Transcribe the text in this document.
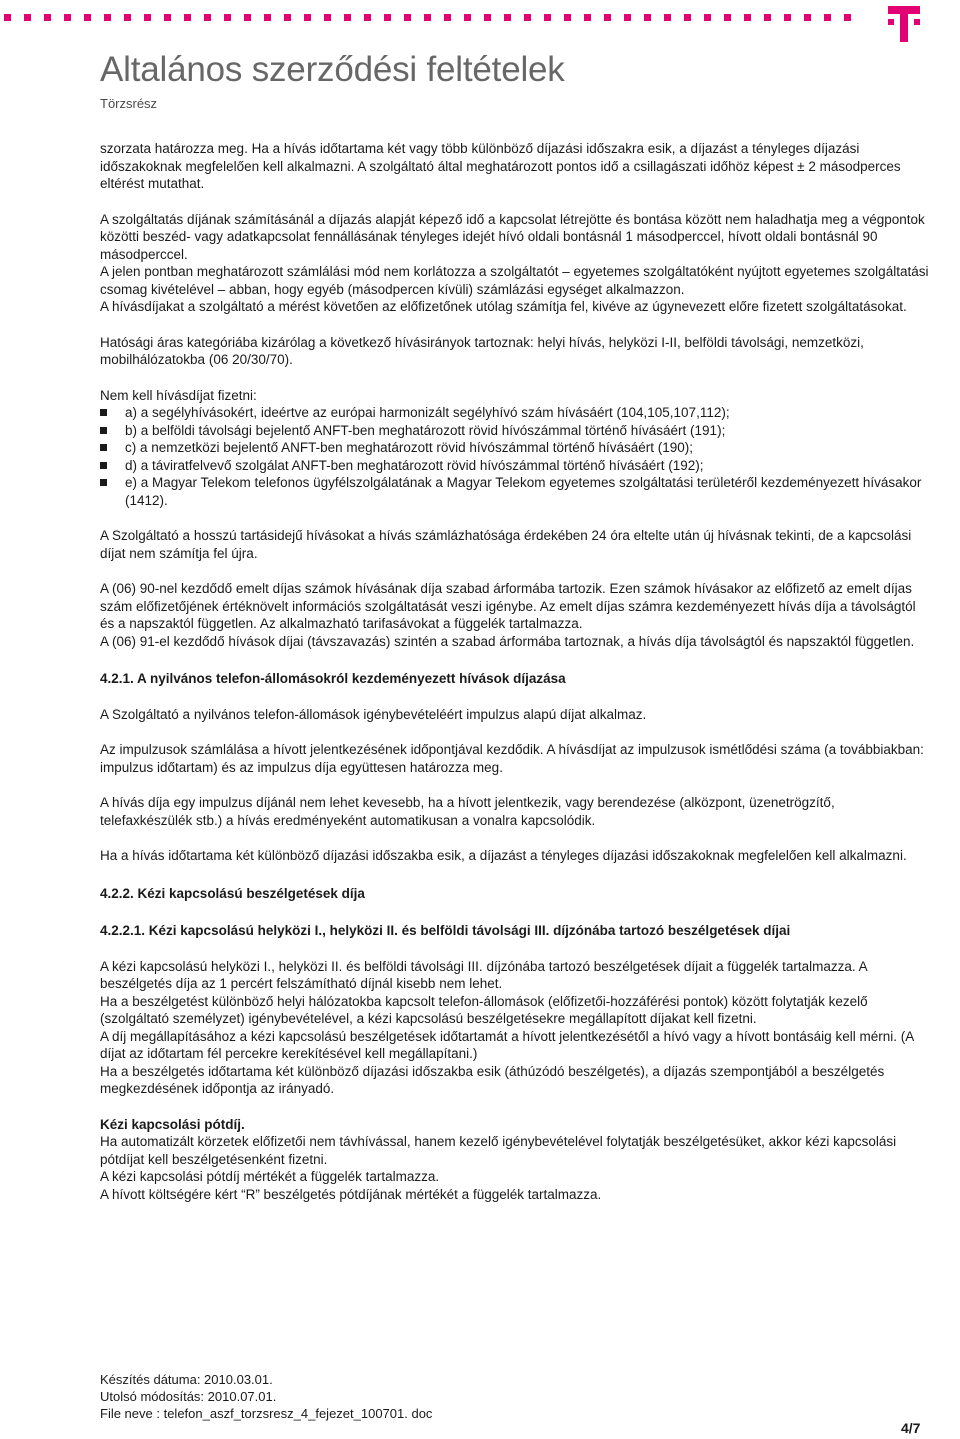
Altalános szerződési feltételek
Törzsrész

szorzata határozza meg. Ha a hívás időtartama két vagy több különböző díjazási időszakra esik, a díjazást a tényleges díjazási időszakoknak megfelelően kell alkalmazni. A szolgáltató által meghatározott pontos idő a csillagászati időhöz képest ± 2 másodperces eltérést mutathat.

A szolgáltatás díjának számításánál a díjazás alapját képező idő a kapcsolat létrejötte és bontása között nem haladhatja meg a végpontok közötti beszéd- vagy adatkapcsolat fennállásának tényleges idejét hívó oldali bontásnál 1 másodperccel, hívott oldali bontásnál 90 másodperccel.

A jelen pontban meghatározott számlálási mód nem korlátozza a szolgáltatót – egyetemes szolgáltatóként nyújtott egyetemes szolgáltatási csomag kivételével – abban, hogy egyéb (másodpercen kívüli) számlázási egységet alkalmazzon.

A hívásdíjakat a szolgáltató a mérést követően az előfizetőnek utólag számítja fel, kivéve az úgynevezett előre fizetett szolgáltatásokat.

Hatósági áras kategóriába kizárólag a következő hívásirányok tartoznak: helyi hívás, helyközi I-II, belföldi távolsági, nemzetközi, mobilhálózatokba (06 20/30/70).

Nem kell hívásdíjat fizetni:

a) a segélyhívásokért, ideértve az európai harmonizált segélyhívó szám hívásáért (104,105,107,112);
b) a belföldi távolsági bejelentő ANFT-ben meghatározott rövid hívószámmal történő hívásáért (191);
c) a nemzetközi bejelentő ANFT-ben meghatározott rövid hívószámmal történő hívásáért (190);
d) a táviratfelvevő szolgálat ANFT-ben meghatározott rövid hívószámmal történő hívásáért (192);
e) a Magyar Telekom telefonos ügyfélszolgálatának a Magyar Telekom egyetemes szolgáltatási területéről kezdeményezett hívásakor (1412).

A Szolgáltató a hosszú tartásidejű hívásokat a hívás számlázhatósága érdekében 24 óra eltelte után új hívásnak tekinti, de a kapcsolási díjat nem számítja fel újra.

A (06) 90-nel kezdődő emelt díjas számok hívásának díja szabad árformába tartozik. Ezen számok hívásakor az előfizető az emelt díjas szám előfizetőjének értéknövelt információs szolgáltatását veszi igénybe. Az emelt díjas számra kezdeményezett hívás díja a távolságtól és a napszaktól független. Az alkalmazható tarifasávokat a függelék tartalmazza.

A (06) 91-el kezdődő hívások díjai (távszavazás) szintén a szabad árformába tartoznak, a hívás díja távolságtól és napszaktól független.

4.2.1. A nyilvános telefon-állomásokról kezdeményezett hívások díjazása

A Szolgáltató a nyilvános telefon-állomások igénybevételéért impulzus alapú díjat alkalmaz.

Az impulzusok számlálása a hívott jelentkezésének időpontjával kezdődik. A hívásdíjat az impulzusok ismétlődési száma (a továbbiakban: impulzus időtartam) és az impulzus díja együttesen határozza meg.

A hívás díja egy impulzus díjánál nem lehet kevesebb, ha a hívott jelentkezik, vagy berendezése (alközpont, üzenetrögzítő, telefaxkészülék stb.) a hívás eredményeként automatikusan a vonalra kapcsolódik.

Ha a hívás időtartama két különböző díjazási időszakba esik, a díjazást a tényleges díjazási időszakoknak megfelelően kell alkalmazni.

4.2.2. Kézi kapcsolású beszélgetések díja

4.2.2.1. Kézi kapcsolású helyközi I., helyközi II. és belföldi távolsági III. díjzónába tartozó beszélgetések díjai

A kézi kapcsolású helyközi I., helyközi II. és belföldi távolsági III. díjzónába tartozó beszélgetések díjait a függelék tartalmazza. A beszélgetés díja az 1 percért felszámítható díjnál kisebb nem lehet.

Ha a beszélgetést különböző helyi hálózatokba kapcsolt telefon-állomások (előfizetői-hozzáférési pontok) között folytatják kezelő (szolgáltató személyzet) igénybevételével, a kézi kapcsolású beszélgetésekre megállapított díjakat kell fizetni.

A díj megállapításához a kézi kapcsolású beszélgetések időtartamát a hívott jelentkezésétől a hívó vagy a hívott bontásáig kell mérni. (A díjat az időtartam fél percekre kerekítésével kell megállapítani.)

Ha a beszélgetés időtartama két különböző díjazási időszakba esik (áthúzódó beszélgetés), a díjazás szempontjából a beszélgetés megkezdésének időpontja az irányadó.

Kézi kapcsolási pótdíj.

Ha automatizált körzetek előfizetői nem távhívással, hanem kezelő igénybevételével folytatják beszélgetésüket, akkor kézi kapcsolási pótdíjat kell beszélgetésenként fizetni.

A kézi kapcsolási pótdíj mértékét a függelék tartalmazza.

A hívott költségére kért “R” beszélgetés pótdíjának mértékét a függelék tartalmazza.

Készítés dátuma: 2010.03.01.
Utolsó módosítás: 2010.07.01.
File neve : telefon_aszf_torzsresz_4_fejezet_100701. doc
4/7
